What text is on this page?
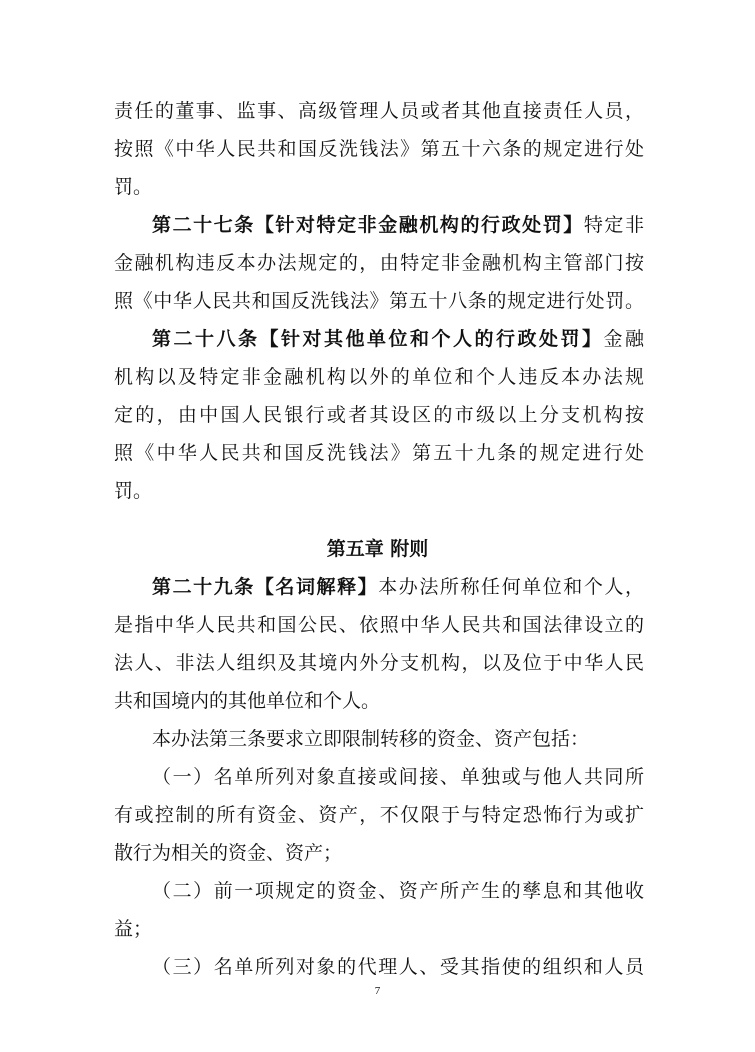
责任的董事、监事、高级管理人员或者其他直接责任人员，
按照《中华人民共和国反洗钱法》第五十六条的规定进行处
罚。
第二十七条【针对特定非金融机构的行政处罚】特定非
金融机构违反本办法规定的，由特定非金融机构主管部门按
照《中华人民共和国反洗钱法》第五十八条的规定进行处罚。
第二十八条【针对其他单位和个人的行政处罚】金融
机构以及特定非金融机构以外的单位和个人违反本办法规
定的，由中国人民银行或者其设区的市级以上分支机构按
照《中华人民共和国反洗钱法》第五十九条的规定进行处
罚。
第五章 附则
第二十九条【名词解释】本办法所称任何单位和个人，
是指中华人民共和国公民、依照中华人民共和国法律设立的
法人、非法人组织及其境内外分支机构，以及位于中华人民
共和国境内的其他单位和个人。
本办法第三条要求立即限制转移的资金、资产包括：
（一）名单所列对象直接或间接、单独或与他人共同所
有或控制的所有资金、资产，不仅限于与特定恐怖行为或扩
散行为相关的资金、资产；
（二）前一项规定的资金、资产所产生的孳息和其他收
益；
（三）名单所列对象的代理人、受其指使的组织和人员
7
